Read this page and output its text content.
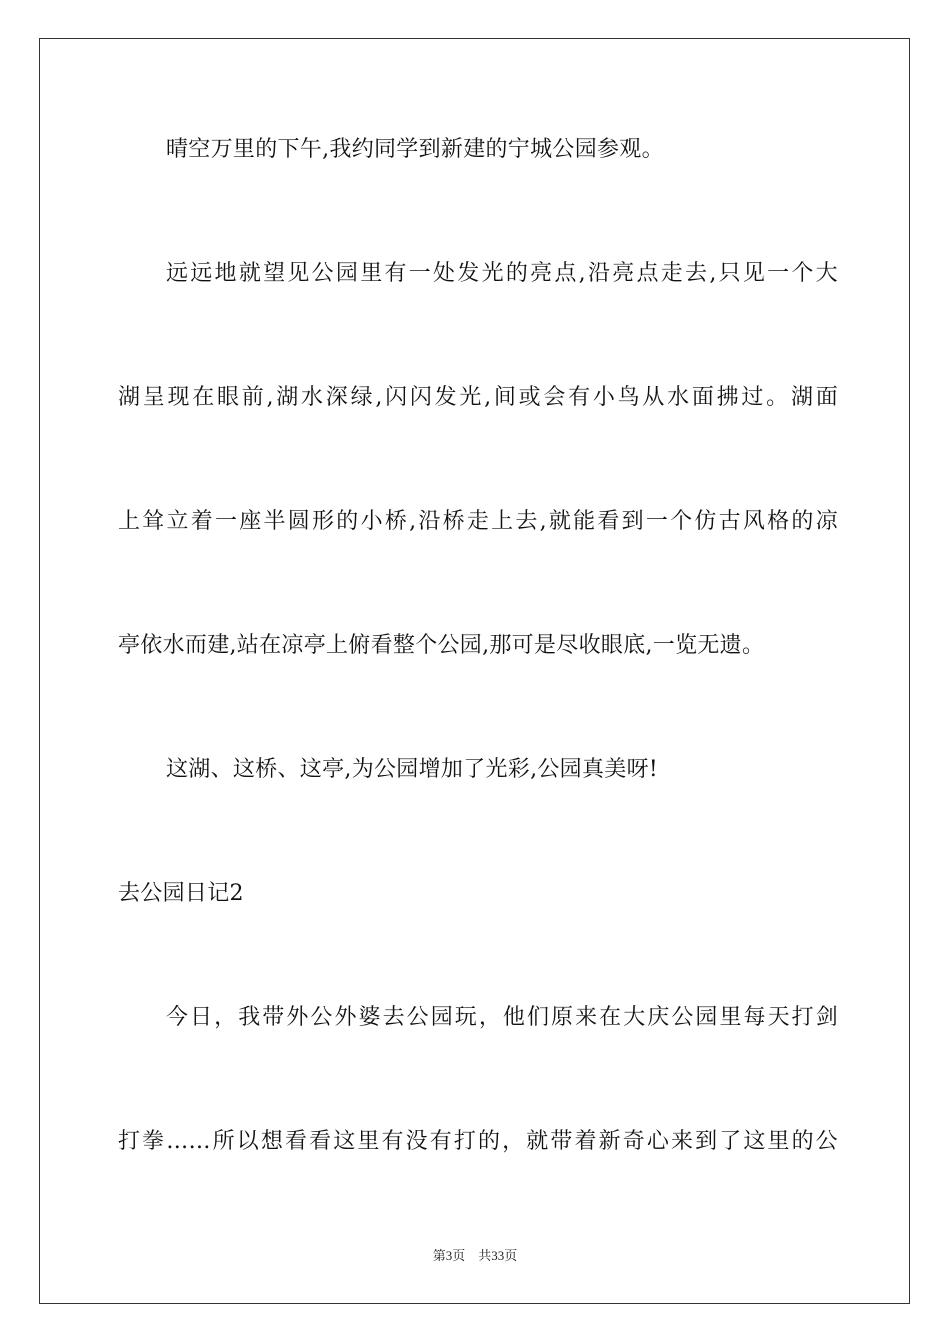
晴空万里的下午,我约同学到新建的宁城公园参观。
远远地就望见公园里有一处发光的亮点,沿亮点走去,只见一个大
湖呈现在眼前,湖水深绿,闪闪发光,间或会有小鸟从水面拂过。湖面
上耸立着一座半圆形的小桥,沿桥走上去,就能看到一个仿古风格的凉
亭依水而建,站在凉亭上俯看整个公园,那可是尽收眼底,一览无遗。
这湖、这桥、这亭,为公园增加了光彩,公园真美呀!
去公园日记2
今日，我带外公外婆去公园玩，他们原来在大庆公园里每天打剑
打拳……所以想看看这里有没有打的，就带着新奇心来到了这里的公
第3页 共33页
